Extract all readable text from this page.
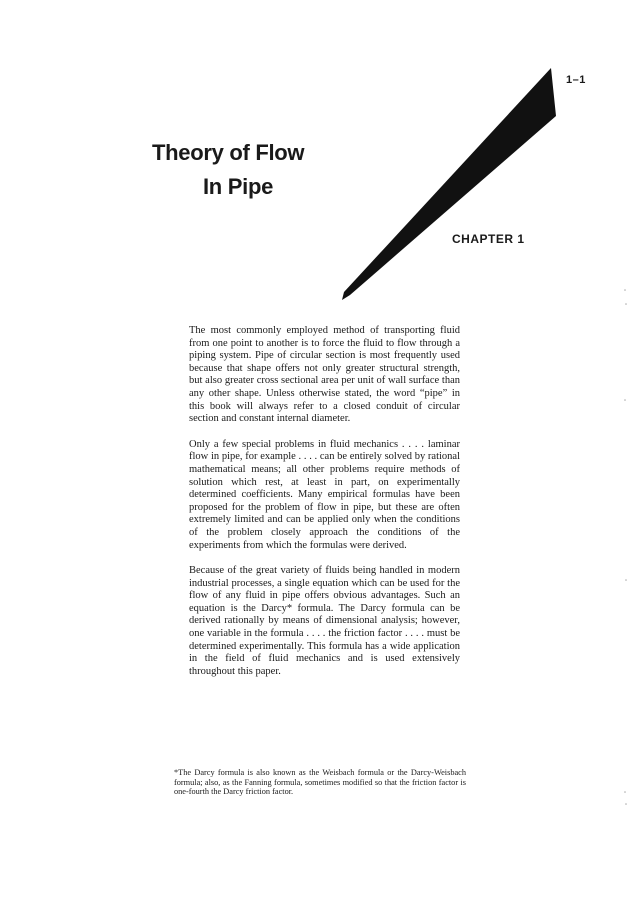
1–1
Theory of Flow
In Pipe
CHAPTER 1

The most commonly employed method of transporting fluid from one point to another is to force the fluid to flow through a piping system. Pipe of circular section is most frequently used because that shape offers not only greater structural strength, but also greater cross sectional area per unit of wall surface than any other shape. Unless otherwise stated, the word “pipe” in this book will always refer to a closed conduit of circular section and constant internal diameter.

Only a few special problems in fluid mechanics . . . . laminar flow in pipe, for example . . . . can be entirely solved by rational mathematical means; all other problems require methods of solution which rest, at least in part, on experimentally determined coefficients. Many empirical formulas have been proposed for the problem of flow in pipe, but these are often extremely limited and can be applied only when the conditions of the problem closely approach the conditions of the experiments from which the formulas were derived.

Because of the great variety of fluids being handled in modern industrial processes, a single equation which can be used for the flow of any fluid in pipe offers obvious advantages. Such an equation is the Darcy* formula. The Darcy formula can be derived rationally by means of dimensional analysis; however, one variable in the formula . . . . the friction factor . . . . must be determined experimentally. This formula has a wide application in the field of fluid mechanics and is used extensively throughout this paper.

*The Darcy formula is also known as the Weisbach formula or the Darcy-Weisbach formula; also, as the Fanning formula, sometimes modified so that the friction factor is one-fourth the Darcy friction factor.
